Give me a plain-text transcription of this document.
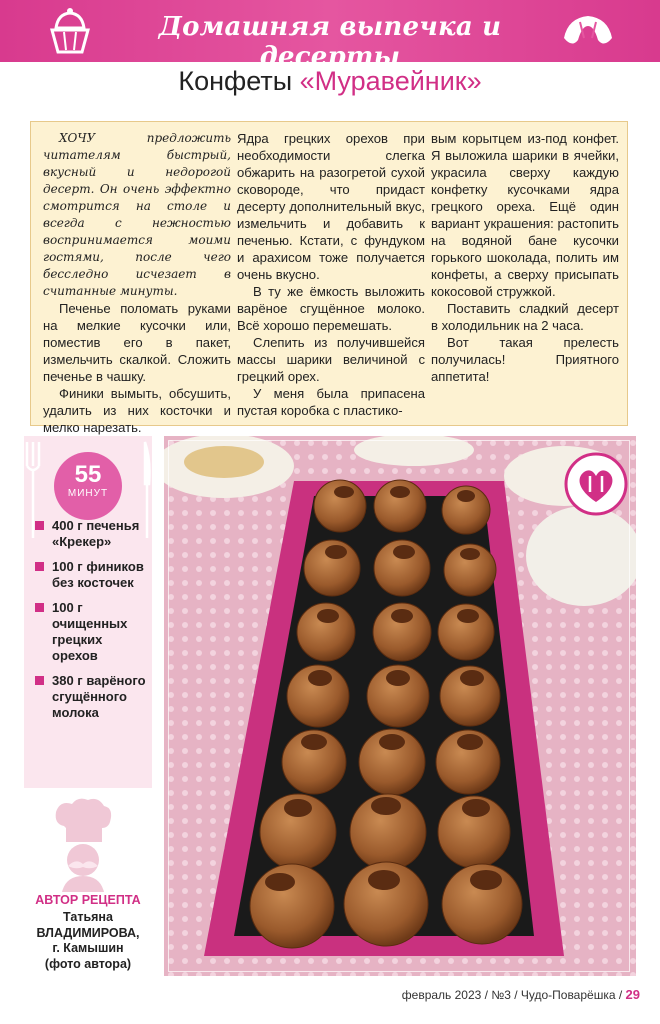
Домашняя выпечка и десерты
Конфеты «Муравейник»

ХОЧУ предложить читателям быстрый, вкусный и недорогой десерт. Он очень эффектно смотрится на столе и всегда с нежностью воспринимается моими гостями, после чего бесследно исчезает в считанные минуты.

Печенье поломать руками на мелкие кусочки или, поместив его в пакет, измельчить скалкой. Сложить печенье в чашку.

Финики вымыть, обсушить, удалить из них косточки и мелко нарезать.

Ядра грецких орехов при необходимости слегка обжарить на разогретой сухой сковороде, что придаст десерту дополнительный вкус, измельчить и добавить к печенью. Кстати, с фундуком и арахисом тоже получается очень вкусно.

В ту же ёмкость выложить варёное сгущённое молоко. Всё хорошо перемешать.

Слепить из получившейся массы шарики величиной с грецкий орех.

У меня была припасена пустая коробка с пластико-

вым корытцем из-под конфет. Я выложила шарики в ячейки, украсила сверху каждую конфетку кусочками ядра грецкого ореха. Ещё один вариант украшения: растопить на водяной бане кусочки горького шоколада, полить им конфеты, а сверху присыпать кокосовой стружкой.

Поставить сладкий десерт в холодильник на 2 часа.

Вот такая прелесть получилась! Приятного аппетита!

55
МИНУТ
400 г печенья «Крекер»
100 г фиников без косточек
100 г очищенных грецких орехов
380 г варёного сгущённого молока
АВТОР РЕЦЕПТА
Татьяна ВЛАДИМИРОВА,
г. Камышин
(фото автора)
февраль 2023 / №3 / Чудо-Поварёшка / 29
